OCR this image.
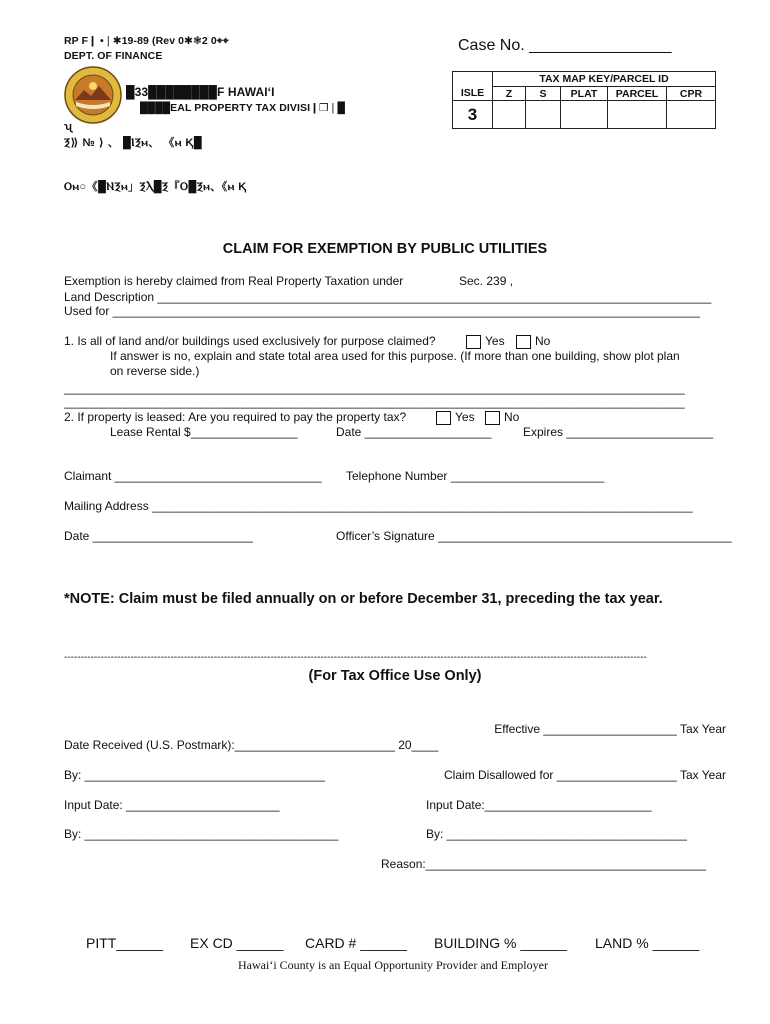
RP F❙ •❘✱19-89 (Rev 0✱❃2 0⌖⌖
DEPT. OF FINANCE
█33████████F HAWAI‘I
████EAL PROPERTY TAX DIVISI❙❒❘█
ʯ
Ⲝ⟫ № ⟩ 、 █ⲒⲜⲙ、 《ⲙ Ⱪ█
Ⲟⲙ○《█ⲚⲜⲙ」ⲜⲖ█Ⲝ『Ⲟ█Ⲝⲙ、《ⲙ Ⱪ
Case No. ________________
	TAX MAP KEY/PARCEL ID				
ISLE	Z	S	PLAT	PARCEL	CPR
3					
CLAIM FOR EXEMPTION BY PUBLIC UTILITIES
Exemption is hereby claimed from Real Property Taxation under	Sec. 239 ,
Land Description ___________________________________________________________________________________
Used for ________________________________________________________________________________________
1. Is all of land and/or buildings used exclusively for purpose claimed?	Yes	No
If answer is no, explain and state total area used for this purpose. (If more than one building, show plot plan
on reverse side.)
_____________________________________________________________________________________________
_____________________________________________________________________________________________
2. If property is leased: Are you required to pay the property tax?	Yes No
Lease Rental $________________	Date ___________________	Expires ______________________
Claimant _______________________________ Telephone Number _______________________
Mailing Address _________________________________________________________________________________
Date ________________________	Officer’s Signature ____________________________________________
*NOTE: Claim must be filed annually on or before December 31, preceding the tax year.
-------------------------------------------------------------------------------------------------------------------------------------------------------------------------------
(For Tax Office Use Only)
Effective ____________________ Tax Year
Date Received (U.S. Postmark):________________________ 20____
By: ____________________________________	Claim Disallowed for __________________ Tax Year
Input Date: _______________________	Input Date:_________________________
By: ______________________________________	By: ____________________________________
Reason:__________________________________________
PITT______ EX CD ______ CARD # ______ BUILDING % ______ LAND % ______
Hawai‘i County is an Equal Opportunity Provider and Employer
